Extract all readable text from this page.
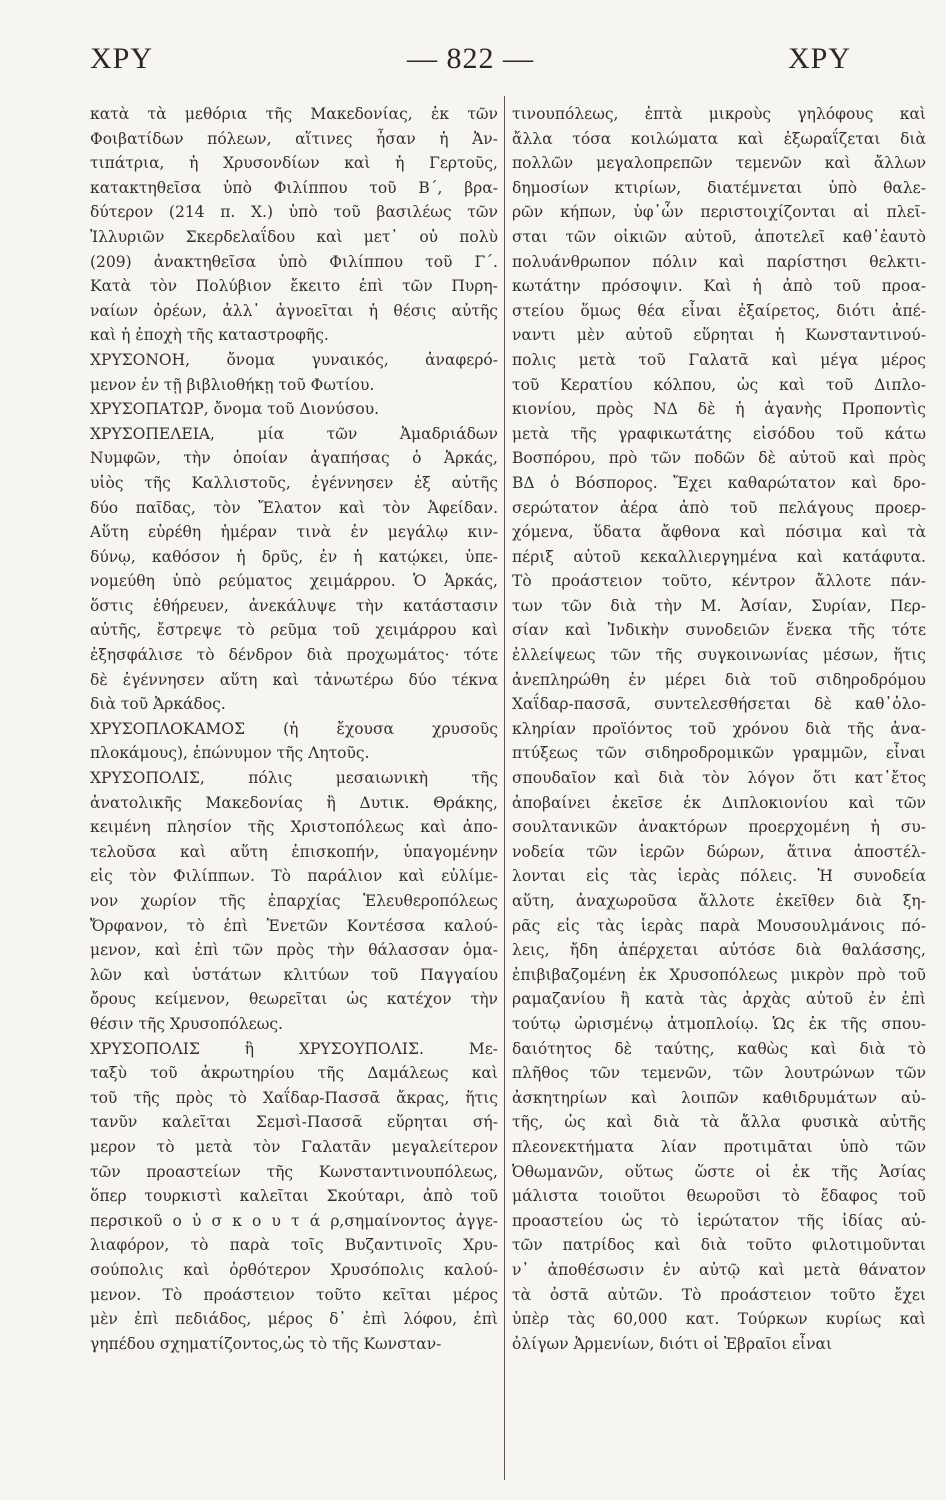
ΧΡΥ	— 822 —	ΧΡΥ
κατὰ τὰ μεθόρια τῆς Μακεδονίας, ἐκ τῶν
Φοιβατίδων πόλεων, αἵτινες ἦσαν ἡ Ἀν-
τιπάτρια, ἡ Χρυσονδίων καὶ ἡ Γερτοῦς,
κατακτηθεῖσα ὑπὸ Φιλίππου τοῦ Β΄, βρα-
δύτερον (214 π. Χ.) ὑπὸ τοῦ βασιλέως τῶν
Ἰλλυριῶν Σκερδελαΐδου καὶ μετ᾽ οὐ πολὺ
(209) ἀνακτηθεῖσα ὑπὸ Φιλίππου τοῦ Γ΄.
Κατὰ τὸν Πολύβιον ἔκειτο ἐπὶ τῶν Πυρη-
ναίων ὀρέων, ἀλλ᾽ ἀγνοεῖται ἡ θέσις αὐτῆς
καὶ ἡ ἐποχὴ τῆς καταστροφῆς.
ΧΡΥΣΟΝΟΗ, ὄνομα γυναικός, ἀναφερό-
μενον ἐν τῇ βιβλιοθήκῃ τοῦ Φωτίου.
ΧΡΥΣΟΠΑΤΩΡ, ὄνομα τοῦ Διονύσου.
ΧΡΥΣΟΠΕΛΕΙΑ,	μία	τῶν	Ἀμαδριάδων
Νυμφῶν, τὴν ὁποίαν ἀγαπήσας ὁ Ἀρκάς,
υἱὸς τῆς Καλλιστοῦς, ἐγέννησεν ἐξ αὐτῆς
δύο παῖδας, τὸν Ἔλατον καὶ τὸν Ἀφείδαν.
Αὕτη εὑρέθη ἡμέραν τινὰ ἐν μεγάλῳ κιν-
δύνῳ, καθόσον ἡ δρῦς, ἐν ἡ κατῴκει, ὑπε-
νομεύθη ὑπὸ ρεύματος χειμάρρου. Ὁ Ἀρκάς,
ὅστις ἐθήρευεν, ἀνεκάλυψε τὴν κατάστασιν
αὐτῆς, ἔστρεψε τὸ ρεῦμα τοῦ χειμάρρου καὶ
ἐξησφάλισε τὸ δένδρον διὰ προχωμάτος· τότε
δὲ ἐγέννησεν αὕτη καὶ τἀνωτέρω δύο τέκνα
διὰ τοῦ Ἀρκάδος.
ΧΡΥΣΟΠΛΟΚΑΜΟΣ (ἡ ἔχουσα χρυσοῦς
πλοκάμους), ἐπώνυμον τῆς Λητοῦς.
ΧΡΥΣΟΠΟΛΙΣ,	πόλις	μεσαιωνικὴ	τῆς
ἀνατολικῆς Μακεδονίας ἢ Δυτικ. Θράκης,
κειμένη πλησίον τῆς Χριστοπόλεως καὶ ἀπο-
τελοῦσα καὶ αὕτη ἐπισκοπήν, ὑπαγομένην
εἰς τὸν Φιλίππων. Τὸ παράλιον καὶ εὐλίμε-
νον χωρίον τῆς ἐπαρχίας Ἐλευθεροπόλεως
Ὄρφανον, τὸ ἐπὶ Ἑνετῶν Κοντέσσα καλού-
μενον, καὶ ἐπὶ τῶν πρὸς τὴν θάλασσαν ὁμα-
λῶν καὶ ὑστάτων κλιτύων τοῦ Παγγαίου
ὄρους κείμενον, θεωρεῖται ὡς κατέχον τὴν
θέσιν τῆς Χρυσοπόλεως.
ΧΡΥΣΟΠΟΛΙΣ	ἢ	ΧΡΥΣΟΥΠΟΛΙΣ.	Με-
ταξὺ τοῦ ἀκρωτηρίου τῆς Δαμάλεως καὶ
τοῦ τῆς πρὸς τὸ Χαΐδαρ-Πασσᾶ ἄκρας, ἥτις
τανῦν καλεῖται Σεμσὶ-Πασσᾶ εὕρηται σή-
μερον τὸ μετὰ τὸν Γαλατᾶν μεγαλείτερον
τῶν προαστείων τῆς Κωνσταντινουπόλεως,
ὅπερ τουρκιστὶ καλεῖται Σκούταρι, ἀπὸ τοῦ
περσικοῦ ο ὐ σ κ ο υ τ ά ρ,σημαίνοντος ἀγγε-
λιαφόρον, τὸ παρὰ τοῖς Βυζαντινοῖς Χρυ-
σούπολις καὶ ὀρθότερον Χρυσόπολις καλού-
μενον. Τὸ προάστειον τοῦτο κεῖται μέρος
μὲν ἐπὶ πεδιάδος, μέρος δ᾽ ἐπὶ λόφου, ἐπὶ
γηπέδου σχηματίζοντος,ὡς τὸ τῆς Κωνσταν-
τινουπόλεως, ἑπτὰ μικροὺς γηλόφους καὶ
ἄλλα τόσα κοιλώματα καὶ ἐξωραΐζεται διὰ
πολλῶν μεγαλοπρεπῶν τεμενῶν καὶ ἄλλων
δημοσίων κτιρίων, διατέμνεται ὑπὸ θαλε-
ρῶν κήπων, ὑφ᾽ὧν περιστοιχίζονται αἱ πλεῖ-
σται τῶν οἰκιῶν αὐτοῦ, ἀποτελεῖ καθ᾽ἑαυτὸ
πολυάνθρωπον πόλιν καὶ παρίστησι θελκτι-
κωτάτην πρόσοψιν. Καὶ ἡ ἀπὸ τοῦ προα-
στείου ὅμως θέα εἶναι ἐξαίρετος, διότι ἀπέ-
ναντι μὲν αὐτοῦ εὕρηται ἡ Κωνσταντινού-
πολις μετὰ τοῦ Γαλατᾶ καὶ μέγα μέρος
τοῦ Κερατίου κόλπου, ὡς καὶ τοῦ Διπλο-
κιονίου, πρὸς ΝΔ δὲ ἡ ἀγανὴς Προποντὶς
μετὰ τῆς γραφικωτάτης εἰσόδου τοῦ κάτω
Βοσπόρου, πρὸ τῶν ποδῶν δὲ αὐτοῦ καὶ πρὸς
ΒΔ ὁ Βόσπορος. Ἔχει καθαρώτατον καὶ δρο-
σερώτατον ἀέρα ἀπὸ τοῦ πελάγους προερ-
χόμενα, ὕδατα ἄφθονα καὶ πόσιμα καὶ τὰ
πέριξ αὐτοῦ κεκαλλιεργημένα καὶ κατάφυτα.
Τὸ προάστειον τοῦτο, κέντρον ἄλλοτε πάν-
των τῶν διὰ τὴν Μ. Ἀσίαν, Συρίαν, Περ-
σίαν καὶ Ἰνδικὴν συνοδειῶν ἕνεκα τῆς τότε
ἐλλείψεως τῶν τῆς συγκοινωνίας μέσων, ἥτις
ἀνεπληρώθη ἐν μέρει διὰ τοῦ σιδηροδρόμου
Χαΐδαρ-πασσᾶ, συντελεσθήσεται δὲ καθ᾽ὁλο-
κληρίαν προϊόντος τοῦ χρόνου διὰ τῆς ἀνα-
πτύξεως τῶν σιδηροδρομικῶν γραμμῶν, εἶναι
σπουδαῖον καὶ διὰ τὸν λόγον ὅτι κατ᾽ἔτος
ἀποβαίνει ἐκεῖσε ἐκ Διπλοκιονίου καὶ τῶν
σουλτανικῶν ἀνακτόρων προερχομένη ἡ συ-
νοδεία τῶν ἱερῶν δώρων, ἅτινα ἀποστέλ-
λονται εἰς τὰς ἱερὰς πόλεις. Ἡ συνοδεία
αὕτη, ἀναχωροῦσα ἄλλοτε ἐκεῖθεν διὰ ξη-
ρᾶς εἰς τὰς ἱερὰς παρὰ Μουσουλμάνοις πό-
λεις, ἤδη ἀπέρχεται αὐτόσε διὰ θαλάσσης,
ἐπιβιβαζομένη ἐκ Χρυσοπόλεως μικρὸν πρὸ τοῦ
ραμαζανίου ἢ κατὰ τὰς ἀρχὰς αὐτοῦ ἐν ἐπὶ
τούτῳ ὡρισμένῳ ἀτμοπλοίῳ. Ὡς ἐκ τῆς σπου-
δαιότητος δὲ ταύτης, καθὼς καὶ διὰ τὸ
πλῆθος τῶν τεμενῶν, τῶν λουτρώνων τῶν
ἀσκητηρίων καὶ λοιπῶν καθιδρυμάτων αὐ-
τῆς, ὡς καὶ διὰ τὰ ἄλλα φυσικὰ αὐτῆς
πλεονεκτήματα λίαν προτιμᾶται ὑπὸ τῶν
Ὀθωμανῶν, οὕτως ὥστε οἱ ἐκ τῆς Ἀσίας
μάλιστα τοιοῦτοι θεωροῦσι τὸ ἔδαφος τοῦ
προαστείου ὡς τὸ ἱερώτατον τῆς ἰδίας αὐ-
τῶν πατρίδος καὶ διὰ τοῦτο φιλοτιμοῦνται
ν᾽ ἀποθέσωσιν ἐν αὐτῷ καὶ μετὰ θάνατον
τὰ ὀστᾶ αὐτῶν. Τὸ προάστειον τοῦτο ἔχει
ὑπὲρ τὰς 60,000 κατ. Τούρκων κυρίως καὶ
ὀλίγων Ἀρμενίων, διότι οἱ Ἑβραῖοι εἶναι
